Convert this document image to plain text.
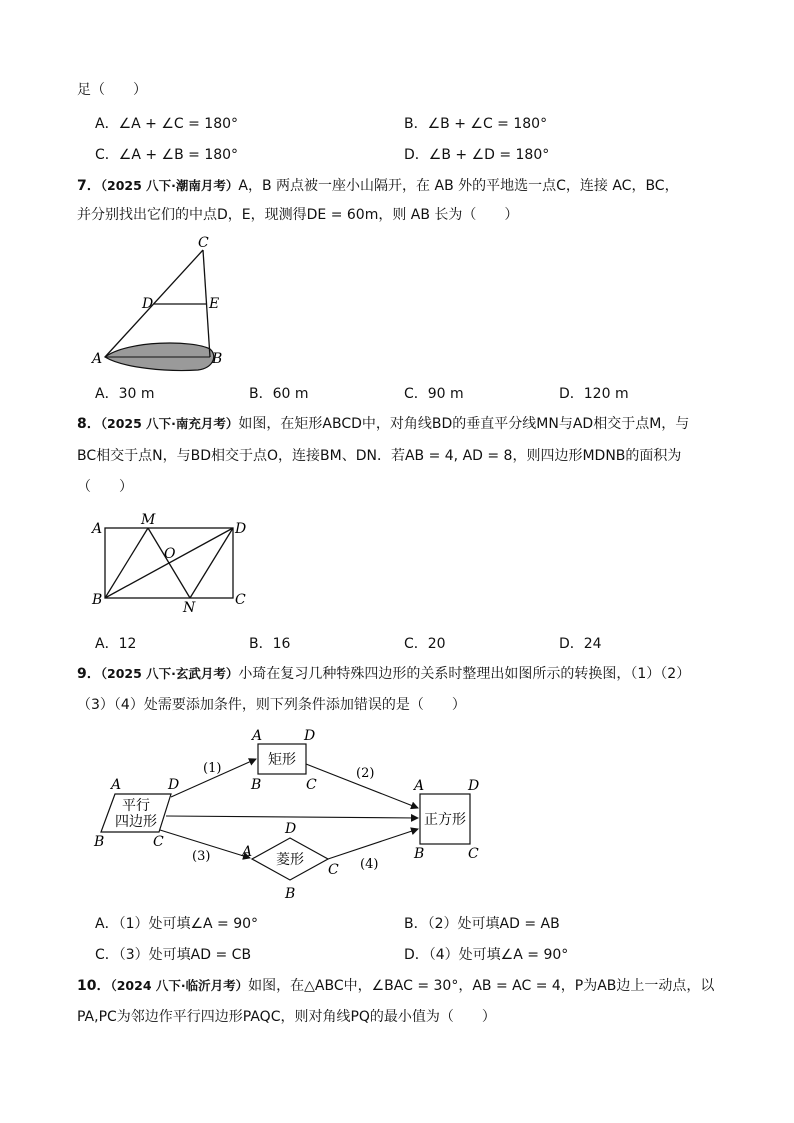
足（　　）
A．∠A + ∠C = 180°	B．∠B + ∠C = 180°
C．∠A + ∠B = 180°	D．∠B + ∠D = 180°
7．（2025 八下·潮南月考）A，B 两点被一座小山隔开，在 AB 外的平地选一点C，连接 AC，BC，
并分别找出它们的中点D，E，现测得DE = 60m，则 AB 长为（　　）
C
D	E
A	B
A．30 m	B．60 m	C．90 m	D．120 m
8．（2025 八下·南充月考）如图，在矩形ABCD中，对角线BD的垂直平分线MN与AD相交于点M，与
BC相交于点N，与BD相交于点O，连接BM、DN．若AB = 4, AD = 8，则四边形MDNB的面积为
（　　）
A
M
D
O
B	N	C
A．12	B．16	C．20	D．24
9．（2025 八下·玄武月考）小琦在复习几种特殊四边形的关系时整理出如图所示的转换图，（1）（2）
（3）（4）处需要添加条件，则下列条件添加错误的是（　　）
平行
四边形
A	D
B	C
矩形
A	D
B	C
菱形
D
A
C
B
正方形
A	D
B	C
(1)	(2)
(3)
(4)
A．（1）处可填∠A = 90°	B．（2）处可填AD = AB
C．（3）处可填AD = CB	D．（4）处可填∠A = 90°
10．（2024 八下·临沂月考）如图，在△ABC中，∠BAC = 30°，AB = AC = 4，P为AB边上一动点，以
PA,PC为邻边作平行四边形PAQC，则对角线PQ的最小值为（　　）
